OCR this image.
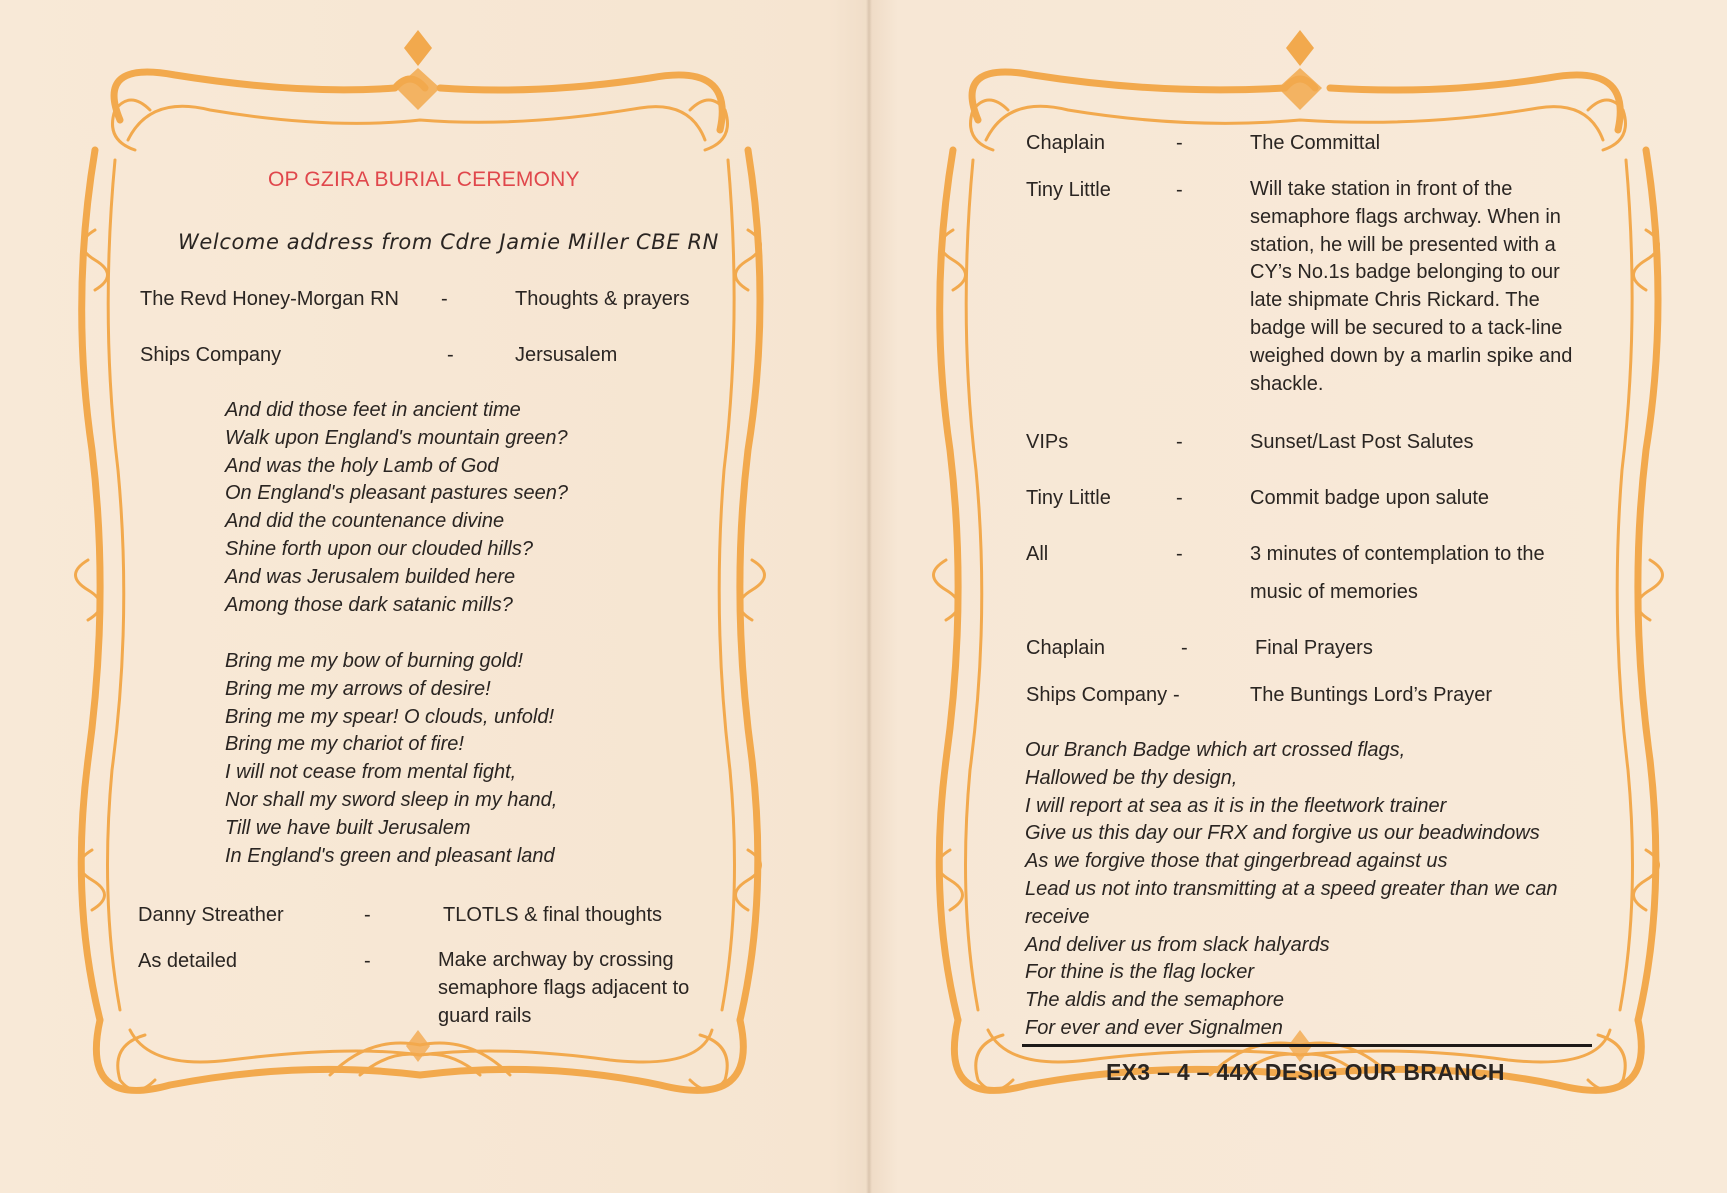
OP GZIRA BURIAL CEREMONY
Welcome address from Cdre Jamie Miller CBE RN
The Revd Honey-Morgan RN -	Thoughts & prayers
Ships Company	-	Jersusalem
And did those feet in ancient time
Walk upon England's mountain green?
And was the holy Lamb of God
On England's pleasant pastures seen?
And did the countenance divine
Shine forth upon our clouded hills?
And was Jerusalem builded here
Among those dark satanic mills?
Bring me my bow of burning gold!
Bring me my arrows of desire!
Bring me my spear! O clouds, unfold!
Bring me my chariot of fire!
I will not cease from mental fight,
Nor shall my sword sleep in my hand,
Till we have built Jerusalem
In England's green and pleasant land
Danny Streather	-	TLOTLS & final thoughts
As detailed	-	Make archway by crossing
semaphore flags adjacent to
guard rails
Chaplain	-	The Committal
Tiny Little	-	Will take station in front of the
semaphore flags archway. When in
station, he will be presented with a
CY’s No.1s badge belonging to our
late shipmate Chris Rickard. The
badge will be secured to a tack-line
weighed down by a marlin spike and
shackle.
VIPs	-	Sunset/Last Post Salutes
Tiny Little	-	Commit badge upon salute
All	-	3 minutes of contemplation to the
music of memories
Chaplain	-	Final Prayers
Ships Company -	The Buntings Lord’s Prayer
Our Branch Badge which art crossed flags,
Hallowed be thy design,
I will report at sea as it is in the fleetwork trainer
Give us this day our FRX and forgive us our beadwindows
As we forgive those that gingerbread against us
Lead us not into transmitting at a speed greater than we can
receive
And deliver us from slack halyards
For thine is the flag locker
The aldis and the semaphore
For ever and ever Signalmen
EX3 – 4 – 44X DESIG OUR BRANCH
